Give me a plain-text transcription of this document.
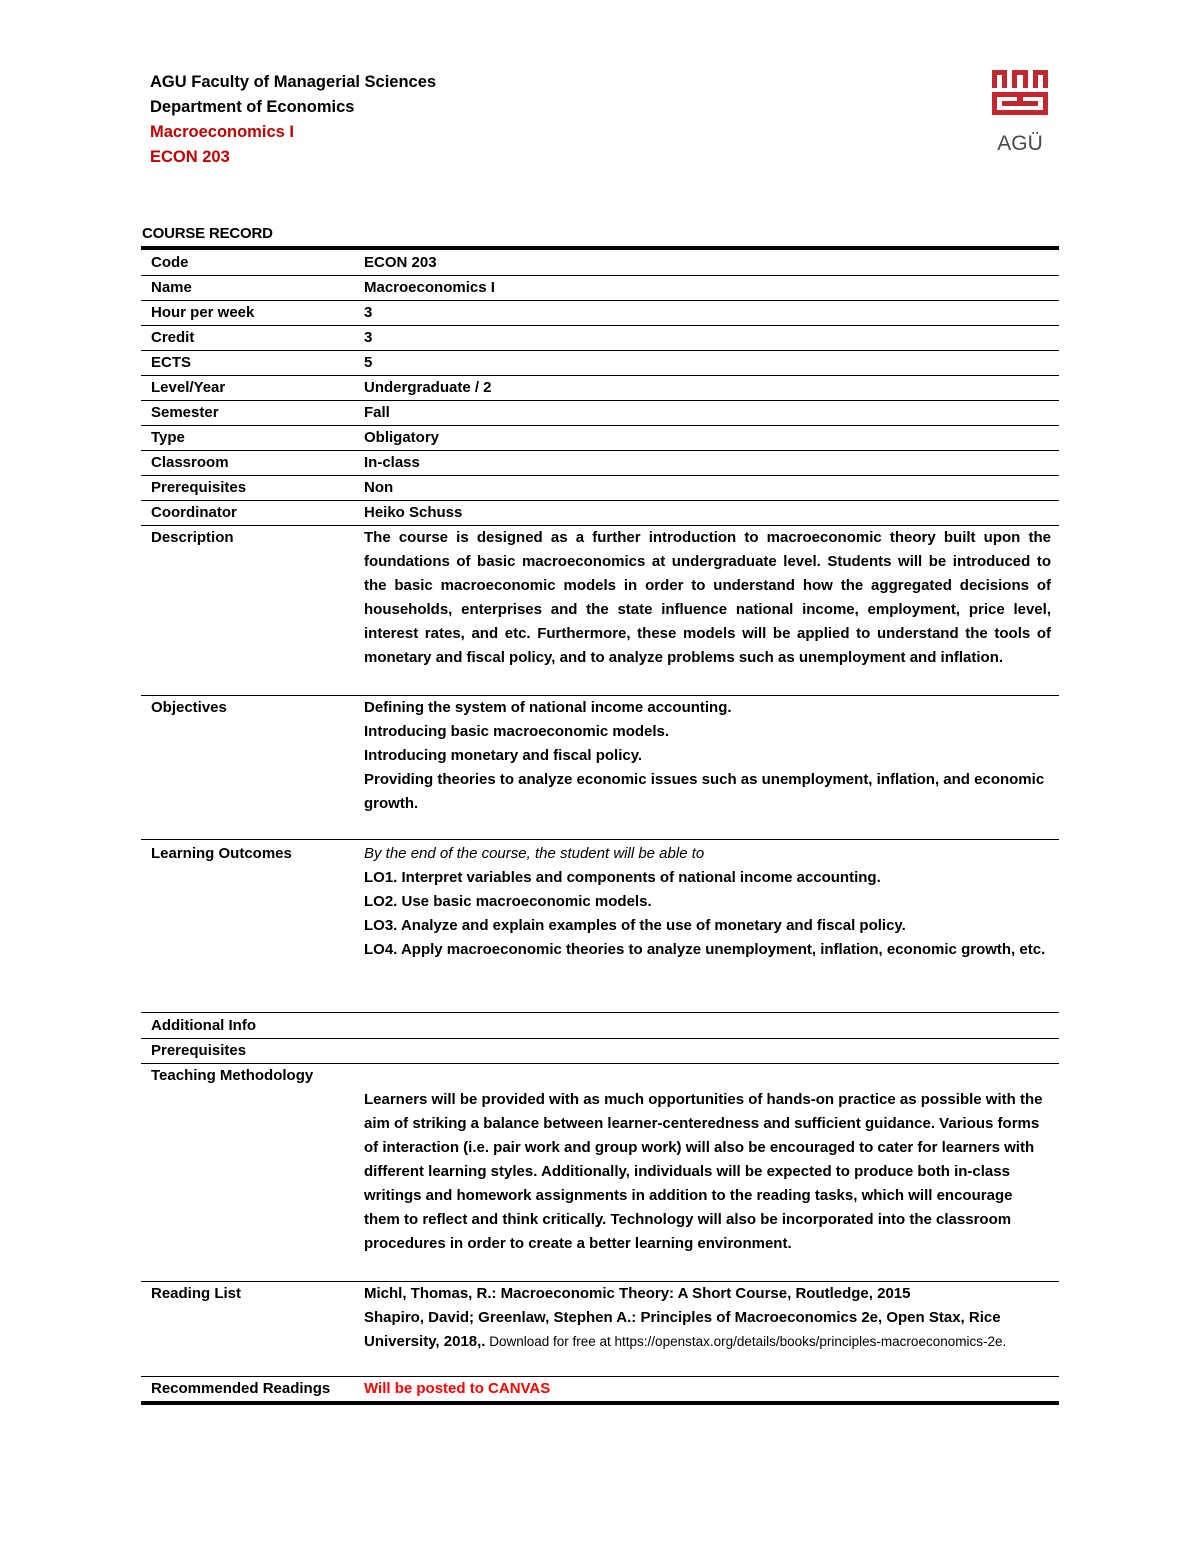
AGU Faculty of Managerial Sciences
Department of Economics
Macroeconomics I
ECON 203
AGÜ
COURSE RECORD
Code	ECON 203
Name	Macroeconomics I
Hour per week	3
Credit	3
ECTS	5
Level/Year	Undergraduate / 2
Semester	Fall
Type	Obligatory
Classroom	In-class
Prerequisites	Non
Coordinator	Heiko Schuss
Description	The course is designed as a further introduction to macroeconomic theory built upon the foundations of basic macroeconomics at undergraduate level. Students will be introduced to the basic macroeconomic models in order to understand how the aggregated decisions of households, enterprises and the state influence national income, employment, price level, interest rates, and etc. Furthermore, these models will be applied to understand the tools of monetary and fiscal policy, and to analyze problems such as unemployment and inflation.
Objectives	Defining the system of national income accounting.
Introducing basic macroeconomic models.
Introducing monetary and fiscal policy.
Providing theories to analyze economic issues such as unemployment, inflation, and economic growth.
Learning Outcomes	By the end of the course, the student will be able to
LO1. Interpret variables and components of national income accounting.
LO2. Use basic macroeconomic models.
LO3. Analyze and explain examples of the use of monetary and fiscal policy.
LO4. Apply macroeconomic theories to analyze unemployment, inflation, economic growth, etc.
Additional Info
Prerequisites
Teaching Methodology
Learners will be provided with as much opportunities of hands-on practice as possible with the aim of striking a balance between learner-centeredness and sufficient guidance. Various forms of interaction (i.e. pair work and group work) will also be encouraged to cater for learners with different learning styles. Additionally, individuals will be expected to produce both in-class writings and homework assignments in addition to the reading tasks, which will encourage them to reflect and think critically. Technology will also be incorporated into the classroom procedures in order to create a better learning environment.
Reading List	Michl, Thomas, R.: Macroeconomic Theory: A Short Course, Routledge, 2015
Shapiro, David; Greenlaw, Stephen A.: Principles of Macroeconomics 2e, Open Stax, Rice University, 2018,. Download for free at https://openstax.org/details/books/principles-macroeconomics-2e.
Recommended Readings	Will be posted to CANVAS
